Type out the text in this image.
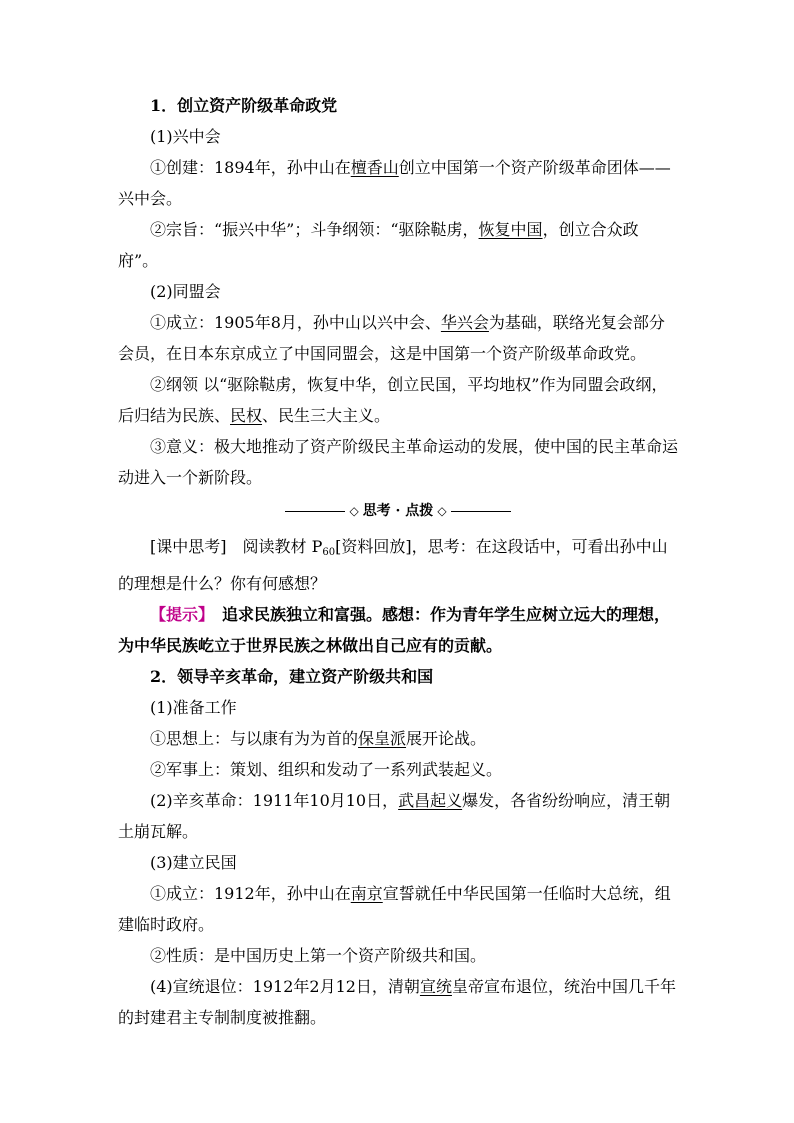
1．创立资产阶级革命政党

(1)兴中会

①创建：1894年，孙中山在檀香山创立中国第一个资产阶级革命团体——兴中会。

②宗旨：“振兴中华”；斗争纲领：“驱除鞑虏，恢复中国，创立合众政府”。

(2)同盟会

①成立：1905年8月，孙中山以兴中会、华兴会为基础，联络光复会部分会员，在日本东京成立了中国同盟会，这是中国第一个资产阶级革命政党。

②纲领 以“驱除鞑虏，恢复中华，创立民国，平均地权”作为同盟会政纲，后归结为民族、民权、民生三大主义。

③意义：极大地推动了资产阶级民主革命运动的发展，使中国的民主革命运动进入一个新阶段。

◇ 思考 · 点拨 ◇

[课中思考]　阅读教材 $P_{60}$[资料回放]，思考：在这段话中，可看出孙中山的理想是什么？你有何感想？

【提示】　追求民族独立和富强。感想：作为青年学生应树立远大的理想，为中华民族屹立于世界民族之林做出自己应有的贡献。

2．领导辛亥革命，建立资产阶级共和国

(1)准备工作

①思想上：与以康有为为首的保皇派展开论战。

②军事上：策划、组织和发动了一系列武装起义。

(2)辛亥革命：1911年10月10日，武昌起义爆发，各省纷纷响应，清王朝土崩瓦解。

(3)建立民国

①成立：1912年，孙中山在南京宣誓就任中华民国第一任临时大总统，组建临时政府。

②性质：是中国历史上第一个资产阶级共和国。

(4)宣统退位：1912年2月12日，清朝宣统皇帝宣布退位，统治中国几千年的封建君主专制制度被推翻。
